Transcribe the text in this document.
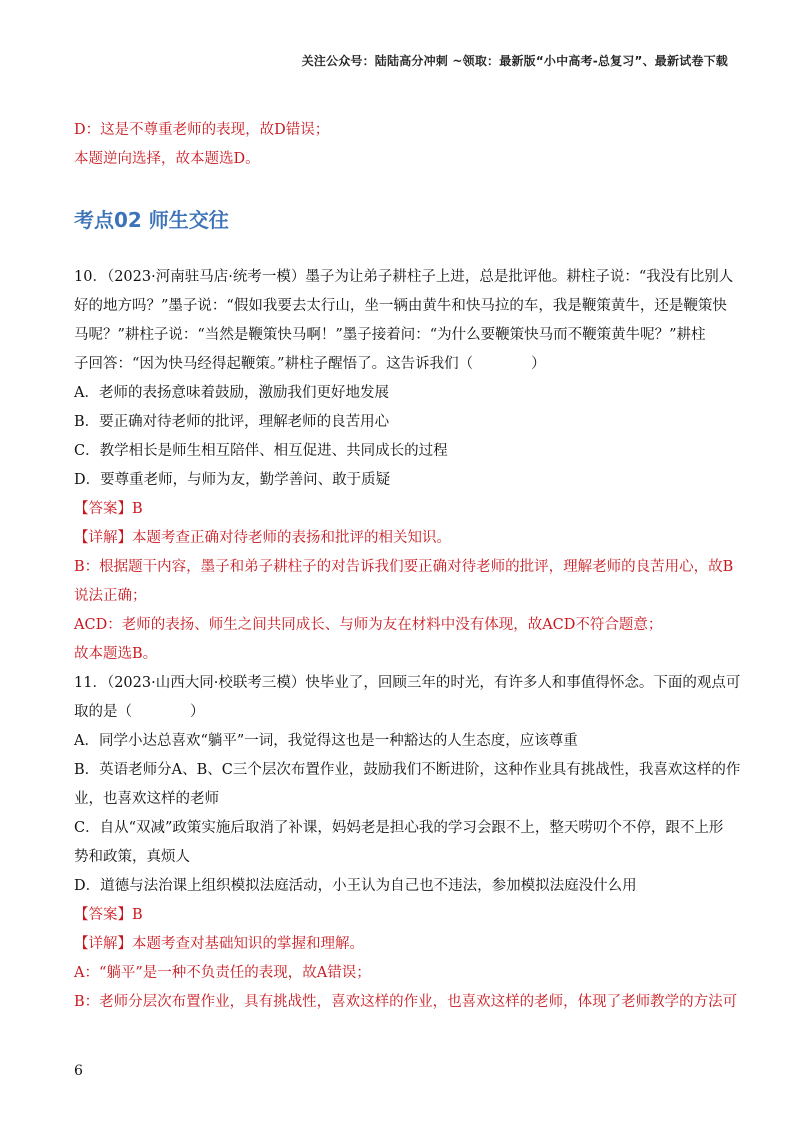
关注公众号：陆陆高分冲刺 ~领取：最新版“小中高考-总复习”、最新试卷下载
D：这是不尊重老师的表现，故D错误；
本题逆向选择，故本题选D。
考点02 师生交往
10．（2023·河南驻马店·统考一模）墨子为让弟子耕柱子上进，总是批评他。耕柱子说：“我没有比别人
好的地方吗？”墨子说：“假如我要去太行山，坐一辆由黄牛和快马拉的车，我是鞭策黄牛，还是鞭策快
马呢？”耕柱子说：“当然是鞭策快马啊！”墨子接着问：“为什么要鞭策快马而不鞭策黄牛呢？”耕柱
子回答：“因为快马经得起鞭策。”耕柱子醒悟了。这告诉我们（　　　　）
A．老师的表扬意味着鼓励，激励我们更好地发展
B．要正确对待老师的批评，理解老师的良苦用心
C．教学相长是师生相互陪伴、相互促进、共同成长的过程
D．要尊重老师，与师为友，勤学善问、敢于质疑
【答案】B
【详解】本题考查正确对待老师的表扬和批评的相关知识。
B：根据题干内容，墨子和弟子耕柱子的对告诉我们要正确对待老师的批评，理解老师的良苦用心，故B
说法正确；
ACD：老师的表扬、师生之间共同成长、与师为友在材料中没有体现，故ACD不符合题意；
故本题选B。
11．（2023·山西大同·校联考三模）快毕业了，回顾三年的时光，有许多人和事值得怀念。下面的观点可
取的是（　　　　）
A．同学小达总喜欢“躺平”一词，我觉得这也是一种豁达的人生态度，应该尊重
B．英语老师分A、B、C三个层次布置作业，鼓励我们不断进阶，这种作业具有挑战性，我喜欢这样的作
业，也喜欢这样的老师
C．自从“双减”政策实施后取消了补课，妈妈老是担心我的学习会跟不上，整天唠叨个不停，跟不上形
势和政策，真烦人
D．道德与法治课上组织模拟法庭活动，小王认为自己也不违法，参加模拟法庭没什么用
【答案】B
【详解】本题考查对基础知识的掌握和理解。
A：“躺平”是一种不负责任的表现，故A错误；
B：老师分层次布置作业，具有挑战性，喜欢这样的作业，也喜欢这样的老师，体现了老师教学的方法可
6
